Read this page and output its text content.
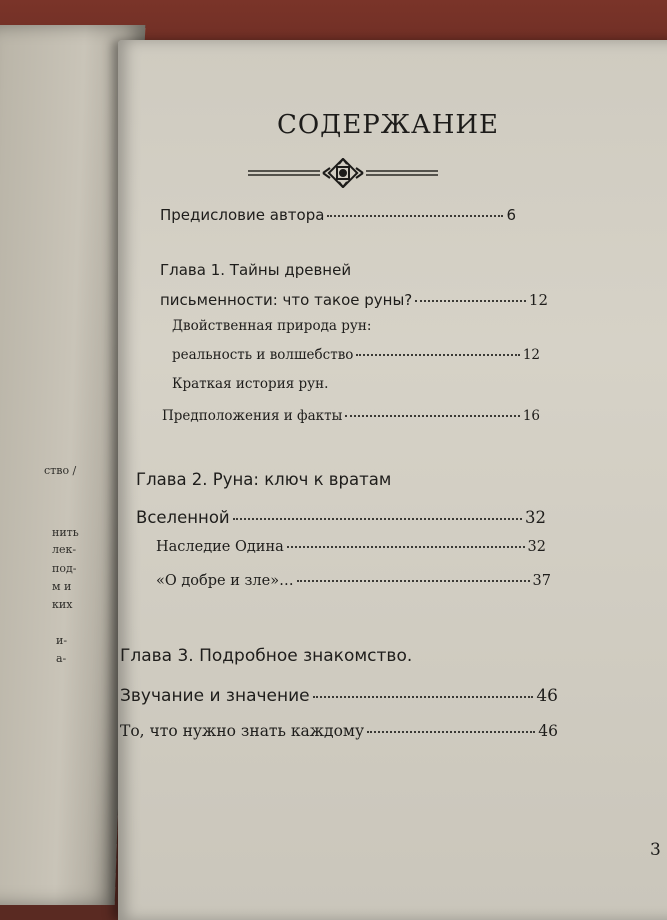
ство /
нить
лек-
под-
м и
ких
и-
а-
СОДЕРЖАНИЕ
Предисловие автора	6
Глава 1. Тайны древней
письменности: что такое руны?	12
Двойственная природа рун:
реальность и волшебство	12
Краткая история рун.
Предположения и факты	16
Глава 2. Руна: ключ к вратам
Вселенной	32
Наследие Одина	32
«О добре и зле»…	37
Глава 3. Подробное знакомство.
Звучание и значение	46
То, что нужно знать каждому	46
3
